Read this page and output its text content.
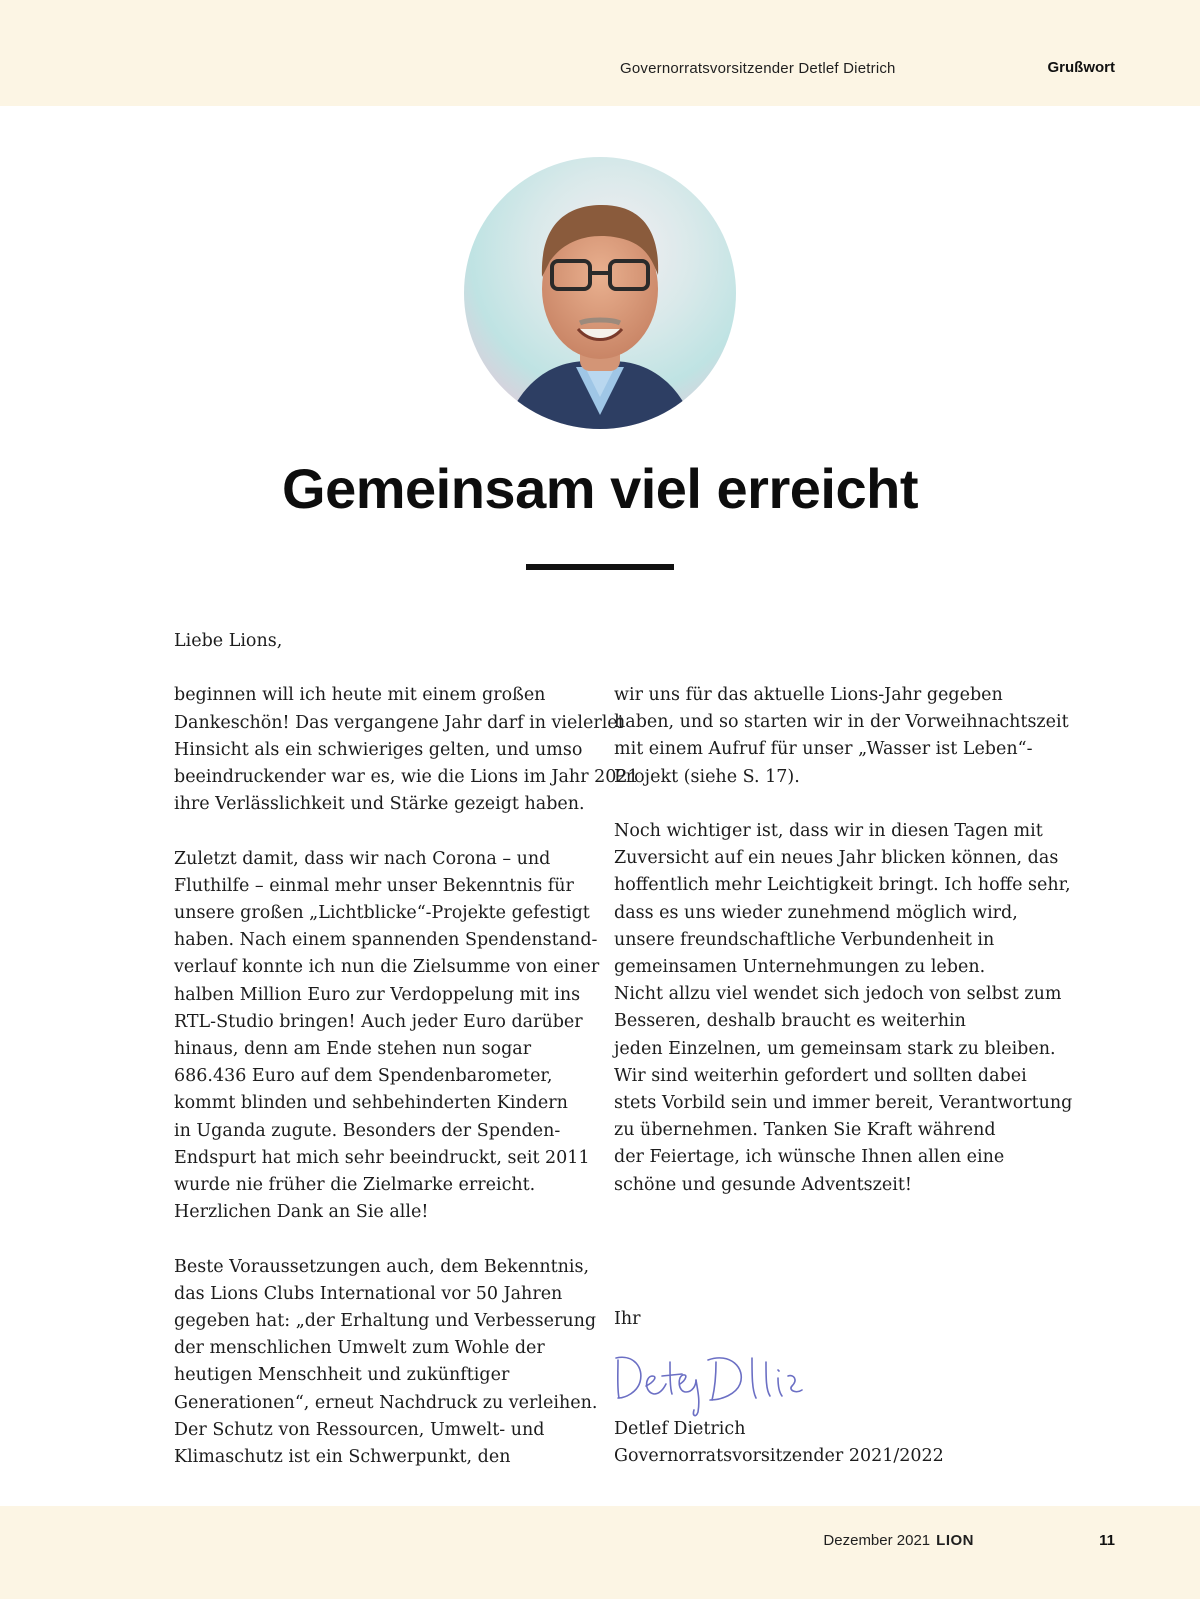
Governorratsvorsitzender Detlef Dietrich	Grußwort
Gemeinsam viel erreicht

Liebe Lions,

beginnen will ich heute mit einem großen

Dankeschön! Das vergangene Jahr darf in vielerlei

Hinsicht als ein schwieriges gelten, und umso

beeindruckender war es, wie die Lions im Jahr 2021

ihre Verlässlichkeit und Stärke gezeigt haben.

Zuletzt damit, dass wir nach Corona – und

Fluthilfe – einmal mehr unser Bekenntnis für

unsere großen „Lichtblicke“-Projekte gefestigt

haben. Nach einem spannenden Spendenstand-

verlauf konnte ich nun die Zielsumme von einer

halben Million Euro zur Verdoppelung mit ins

RTL-Studio bringen! Auch jeder Euro darüber

hinaus, denn am Ende stehen nun sogar

686.436 Euro auf dem Spendenbarometer,

kommt blinden und sehbehinderten Kindern

in Uganda zugute. Besonders der Spenden-

Endspurt hat mich sehr beeindruckt, seit 2011

wurde nie früher die Zielmarke erreicht.

Herzlichen Dank an Sie alle!

Beste Voraussetzungen auch, dem Bekenntnis,

das Lions Clubs International vor 50 Jahren

gegeben hat: „der Erhaltung und Verbesserung

der menschlichen Umwelt zum Wohle der

heutigen Menschheit und zukünftiger

Generationen“, erneut Nachdruck zu verleihen.

Der Schutz von Ressourcen, Umwelt- und

Klimaschutz ist ein Schwerpunkt, den

wir uns für das aktuelle Lions-Jahr gegeben

haben, und so starten wir in der Vorweihnachtszeit

mit einem Aufruf für unser „Wasser ist Leben“-

Projekt (siehe S. 17).

Noch wichtiger ist, dass wir in diesen Tagen mit

Zuversicht auf ein neues Jahr blicken können, das

hoffentlich mehr Leichtigkeit bringt. Ich hoffe sehr,

dass es uns wieder zunehmend möglich wird,

unsere freundschaftliche Verbundenheit in

gemeinsamen Unternehmungen zu leben.

Nicht allzu viel wendet sich jedoch von selbst zum

Besseren, deshalb braucht es weiterhin

jeden Einzelnen, um gemeinsam stark zu bleiben.

Wir sind weiterhin gefordert und sollten dabei

stets Vorbild sein und immer bereit, Verantwortung

zu übernehmen. Tanken Sie Kraft während

der Feiertage, ich wünsche Ihnen allen eine

schöne und gesunde Adventszeit!

Ihr

Detlef Dietrich

Governorratsvorsitzender 2021/2022

Dezember 2021 LION	11
